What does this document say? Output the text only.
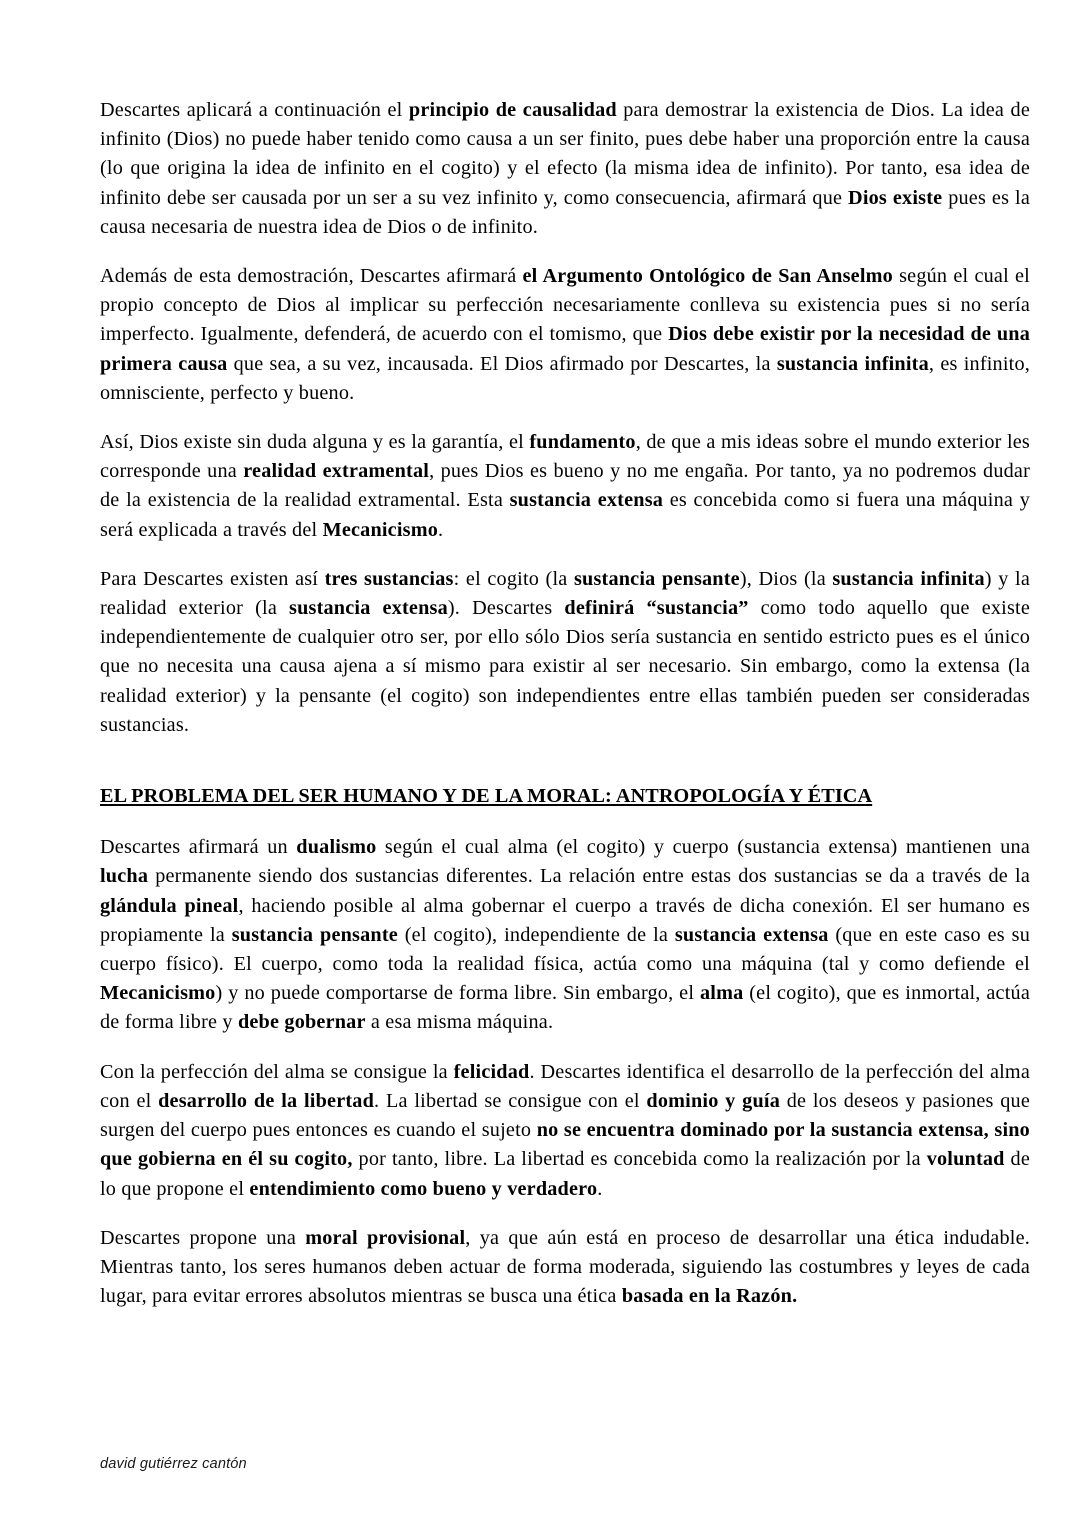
Descartes aplicará a continuación el principio de causalidad para demostrar la existencia de Dios. La idea de infinito (Dios) no puede haber tenido como causa a un ser finito, pues debe haber una proporción entre la causa (lo que origina la idea de infinito en el cogito) y el efecto (la misma idea de infinito). Por tanto, esa idea de infinito debe ser causada por un ser a su vez infinito y, como consecuencia, afirmará que Dios existe pues es la causa necesaria de nuestra idea de Dios o de infinito.

Además de esta demostración, Descartes afirmará el Argumento Ontológico de San Anselmo según el cual el propio concepto de Dios al implicar su perfección necesariamente conlleva su existencia pues si no sería imperfecto. Igualmente, defenderá, de acuerdo con el tomismo, que Dios debe existir por la necesidad de una primera causa que sea, a su vez, incausada. El Dios afirmado por Descartes, la sustancia infinita, es infinito, omnisciente, perfecto y bueno.

Así, Dios existe sin duda alguna y es la garantía, el fundamento, de que a mis ideas sobre el mundo exterior les corresponde una realidad extramental, pues Dios es bueno y no me engaña. Por tanto, ya no podremos dudar de la existencia de la realidad extramental. Esta sustancia extensa es concebida como si fuera una máquina y será explicada a través del Mecanicismo.

Para Descartes existen así tres sustancias: el cogito (la sustancia pensante), Dios (la sustancia infinita) y la realidad exterior (la sustancia extensa). Descartes definirá “sustancia” como todo aquello que existe independientemente de cualquier otro ser, por ello sólo Dios sería sustancia en sentido estricto pues es el único que no necesita una causa ajena a sí mismo para existir al ser necesario. Sin embargo, como la extensa (la realidad exterior) y la pensante (el cogito) son independientes entre ellas también pueden ser consideradas sustancias.

EL PROBLEMA DEL SER HUMANO Y DE LA MORAL: ANTROPOLOGÍA Y ÉTICA

Descartes afirmará un dualismo según el cual alma (el cogito) y cuerpo (sustancia extensa) mantienen una lucha permanente siendo dos sustancias diferentes. La relación entre estas dos sustancias se da a través de la glándula pineal, haciendo posible al alma gobernar el cuerpo a través de dicha conexión. El ser humano es propiamente la sustancia pensante (el cogito), independiente de la sustancia extensa (que en este caso es su cuerpo físico). El cuerpo, como toda la realidad física, actúa como una máquina (tal y como defiende el Mecanicismo) y no puede comportarse de forma libre. Sin embargo, el alma (el cogito), que es inmortal, actúa de forma libre y debe gobernar a esa misma máquina.

Con la perfección del alma se consigue la felicidad. Descartes identifica el desarrollo de la perfección del alma con el desarrollo de la libertad. La libertad se consigue con el dominio y guía de los deseos y pasiones que surgen del cuerpo pues entonces es cuando el sujeto no se encuentra dominado por la sustancia extensa, sino que gobierna en él su cogito, por tanto, libre. La libertad es concebida como la realización por la voluntad de lo que propone el entendimiento como bueno y verdadero.

Descartes propone una moral provisional, ya que aún está en proceso de desarrollar una ética indudable. Mientras tanto, los seres humanos deben actuar de forma moderada, siguiendo las costumbres y leyes de cada lugar, para evitar errores absolutos mientras se busca una ética basada en la Razón.

david gutiérrez cantón
